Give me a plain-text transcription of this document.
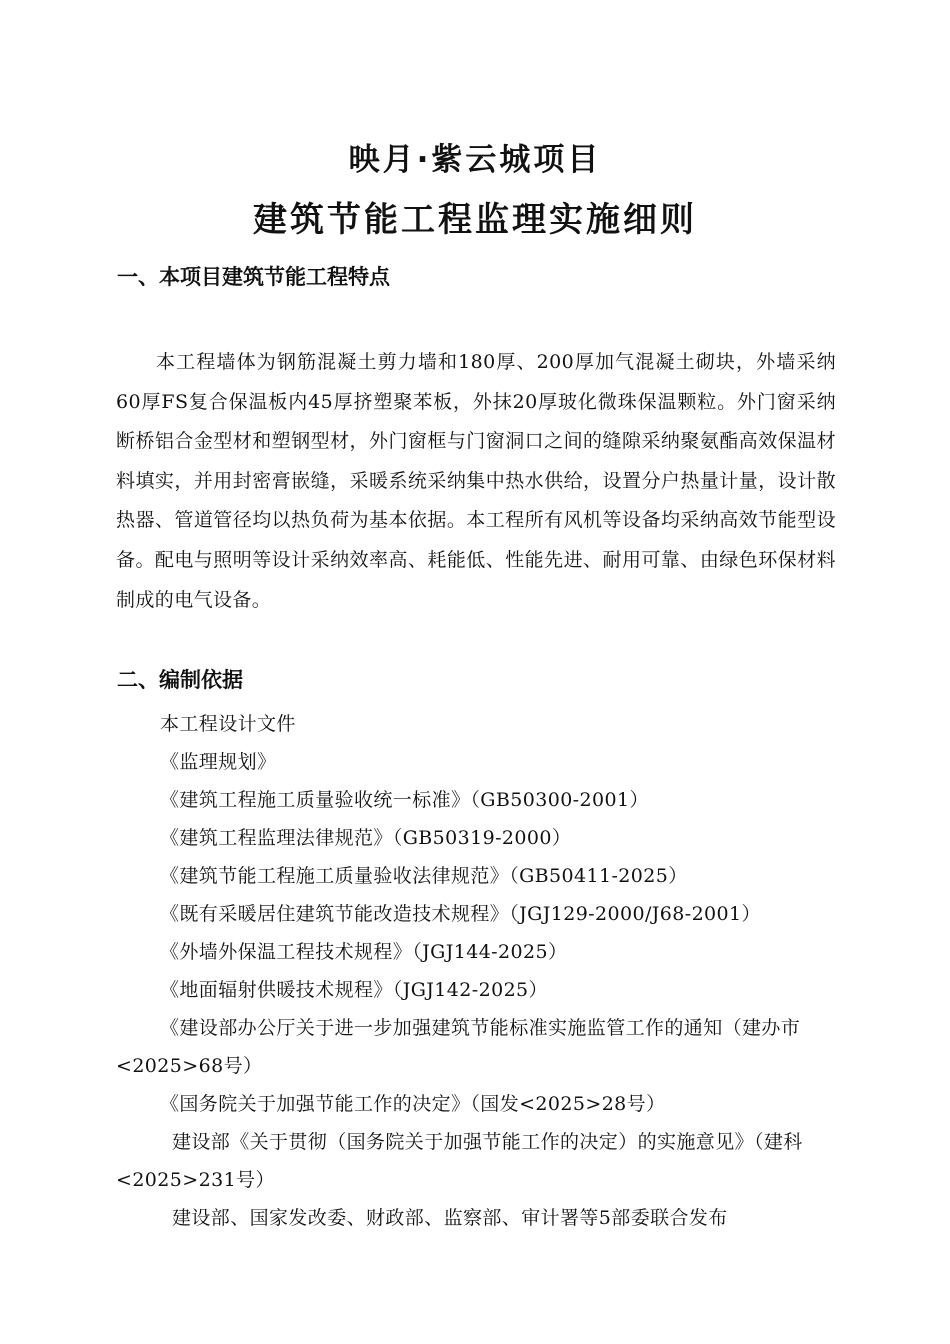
映月·紫云城项目
建筑节能工程监理实施细则
一、本项目建筑节能工程特点

本工程墙体为钢筋混凝土剪力墙和180厚、200厚加气混凝土砌块，外墙采纳60厚FS复合保温板内45厚挤塑聚苯板，外抹20厚玻化微珠保温颗粒。外门窗采纳断桥铝合金型材和塑钢型材，外门窗框与门窗洞口之间的缝隙采纳聚氨酯高效保温材料填实，并用封密膏嵌缝，采暖系统采纳集中热水供给，设置分户热量计量，设计散热器、管道管径均以热负荷为基本依据。本工程所有风机等设备均采纳高效节能型设备。配电与照明等设计采纳效率高、耗能低、性能先进、耐用可靠、由绿色环保材料制成的电气设备。

二、编制依据
本工程设计文件
《监理规划》
《建筑工程施工质量验收统一标准》（GB50300-2001）
《建筑工程监理法律规范》（GB50319-2000）
《建筑节能工程施工质量验收法律规范》（GB50411-2025）
《既有采暖居住建筑节能改造技术规程》（JGJ129-2000/J68-2001）
《外墙外保温工程技术规程》（JGJ144-2025）
《地面辐射供暖技术规程》（JGJ142-2025）
《建设部办公厅关于进一步加强建筑节能标准实施监管工作的通知（建办市<2025>68号）
《国务院关于加强节能工作的决定》（国发<2025>28号）
建设部《关于贯彻（国务院关于加强节能工作的决定）的实施意见》（建科<2025>231号）
建设部、国家发改委、财政部、监察部、审计署等5部委联合发布
